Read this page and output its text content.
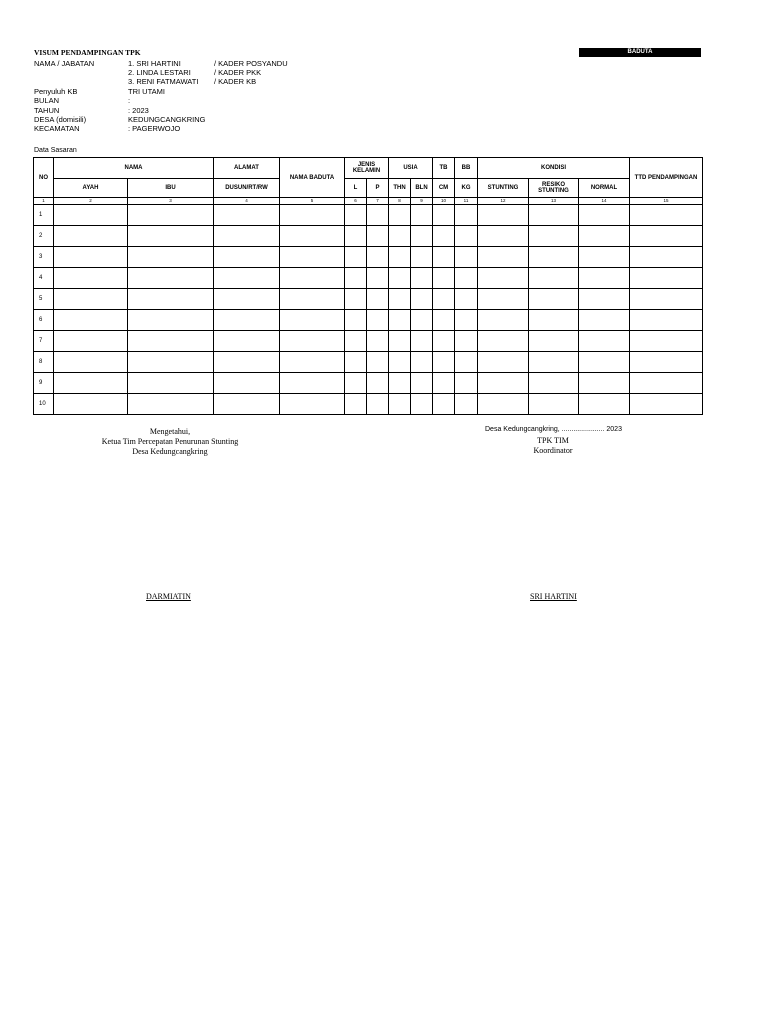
VISUM PENDAMPINGAN TPK	BADUTA
NAMA / JABATAN	1. SRI HARTINI	/ KADER POSYANDU
2. LINDA LESTARI	/ KADER PKK
3. RENI FATMAWATI / KADER KB
Penyuluh KB	TRI UTAMI
BULAN	:
TAHUN	: 2023
DESA (domisili)	KEDUNGCANGKRING
KECAMATAN	: PAGERWOJO
Data Sasaran
NO	NAMA		ALAMAT	NAMA BADUTA	JENIS KELAMIN		USIA		TB	BB	KONDISI			TTD PENDAMPINGAN
	AYAH	IBU	DUSUN/RT/RW		L	P	THN	BLN	CM	KG	STUNTING	RESIKO STUNTING	NORMAL	
1	2	3	4	5	6	7	8	9	10	11	12	13	14	15
1														
2														
3														
4														
5														
6														
7														
8														
9														
10														
Mengetahui,
Ketua Tim Percepatan Penurunan Stunting
Desa Kedungcangkring
DARMIATIN
Desa Kedungcangkring, ...................... 2023
TPK TIM
Koordinator
SRI HARTINI
